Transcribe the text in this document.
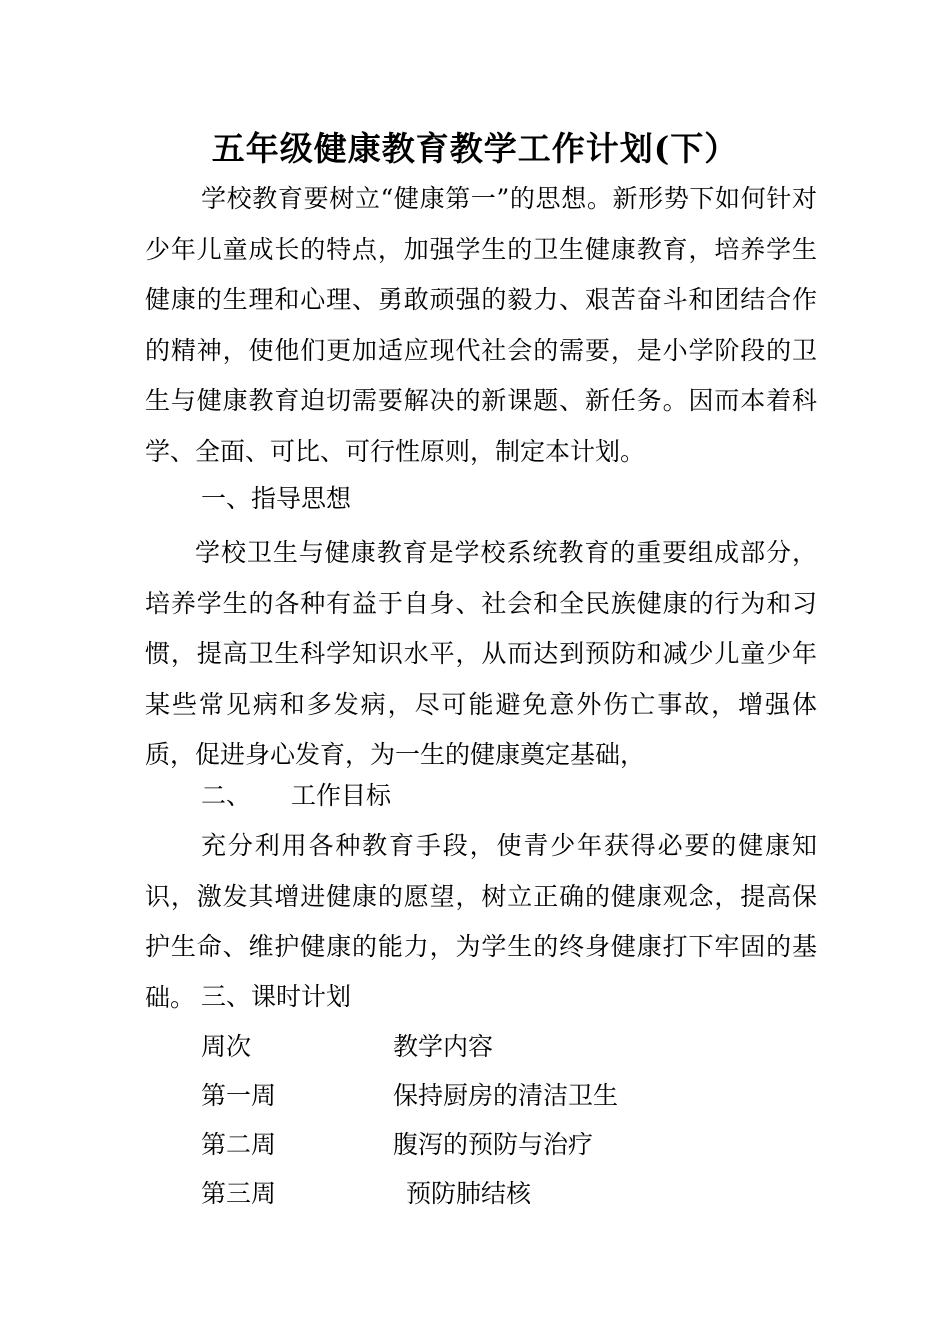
五年级健康教育教学工作计划(下）

学校教育要树立“健康第一”的思想。新形势下如何针对少年儿童成长的特点，加强学生的卫生健康教育，培养学生健康的生理和心理、勇敢顽强的毅力、艰苦奋斗和团结合作的精神，使他们更加适应现代社会的需要，是小学阶段的卫生与健康教育迫切需要解决的新课题、新任务。因而本着科学、全面、可比、可行性原则，制定本计划。

一、指导思想

学校卫生与健康教育是学校系统教育的重要组成部分，培养学生的各种有益于自身、社会和全民族健康的行为和习惯，提高卫生科学知识水平，从而达到预防和减少儿童少年某些常见病和多发病，尽可能避免意外伤亡事故，增强体质，促进身心发育，为一生的健康奠定基础，

二、 工作目标

充分利用各种教育手段，使青少年获得必要的健康知识，激发其增进健康的愿望，树立正确的健康观念，提高保护生命、维护健康的能力，为学生的终身健康打下牢固的基础。 三、课时计划
周次	教学内容
第一周	保持厨房的清洁卫生
第二周	腹泻的预防与治疗
第三周	预防肺结核
